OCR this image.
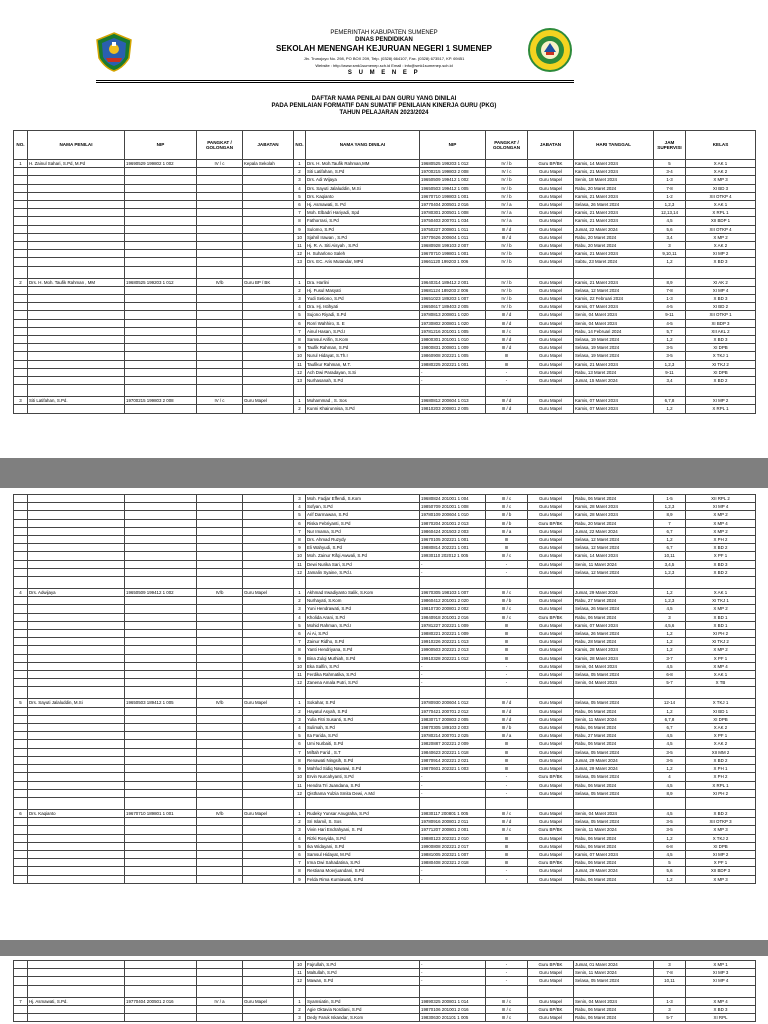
PEMERINTAH KABUPATEN SUMENEP
DINAS PENDIDIKAN
SEKOLAH MENENGAH KEJURUAN NEGERI 1 SUMENEP
Jln. Trunojoyo No. 298, PO BOX 209, Telp. (0328) 664107, Fax. (0328) 673517, KP. 69451
Website : http://www.smk1sumenep.sch.id Email : info@smk1sumenep.sch.id
S U M E N E P
DAFTAR NAMA PENILAI DAN GURU YANG DINILAI
PADA PENILAIAN FORMATIF DAN SUMATIF PENILAIAN KINERJA GURU (PKG)
TAHUN PELAJARAN 2023/2024
NO.	NAMA PENILAI	NIP	PANGKAT / GOLONGAN	JABATAN	NO.	NAMA YANG DINILAI	NIP	PANGKAT / GOLONGAN	JABATAN	HARI TANGGAL	JAM SUPERVISI	KELAS
1	H. Zainul Sahari, S.Pd, M.Pd	19690529 199802 1 002	IV / c	Kepala Sekolah	1	Drs. H. Moh.Taufik Rahman,MM	19680525 199203 1 012	IV / b	Guru BP/BK	Kamis, 14 Maret 2024	5	X AK 1
					2	Siti Latifahan, S.Pd	19700215 199803 2 008	IV / c	Guru Mapel	Kamis, 21 Maret 2024	3-4	X AK 2
					3	Drs. Adi Wijaya	19650509 199412 1 002	IV / b	Guru Mapel	Senin, 18 Maret 2024	1-3	X MP 3
					4	Drs. Sayuti Jalaluddin, M.Si	19650503 199412 1 005	IV / b	Guru Mapel	Rabu, 20 Maret 2024	7-8	XI BD 3
					5	Drs. Kaqianto	19670710 199803 1 001	IV / b	Guru Mapel	Kamis, 21 Maret 2024	1-2	XII OTKP 4
					6	Hj. Asmawati, S. Pd	19770404 200501 2 016	IV / a	Guru Mapel	Selasa, 26 Maret 2024	1,2,3	X AK 1
					7	Moh. Elbadri Hariyadi, Spd	19780301 200501 1 008	IV / a	Guru Mapel	Kamis, 21 Maret 2024	12,13,14	X RPL 1
					8	Fathorrasi, S.Pd	19750403 200701 1 034	IV / a	Guru Mapel	Kamis, 21 Maret 2024	4,5	XII BDP 1
					9	Sulomo, S.Pd	19750227 200801 1 011	III / d	Guru Mapel	Jumat, 22 Maret 2024	5,6	XII OTKP 4
					10	Sjahril Irawan , S.Pd	19770626 200604 1 011	III / d	Guru Mapel	Rabu, 20 Maret 2024	3,4	X MP 2
					11	Hj. R. A. Siti Aisyah , S.Pd	19680928 199103 2 007	IV / b	Guru Mapel	Rabu, 20 Maret 2024	3	X AK 2
					12	H. Suharlono Saleh	19670710 199801 1 001	IV / b	Guru Mapel	Kamis, 21 Maret 2024	9,10,11	XI MP 2
					13	Drs. EC. Aris Mutandar, MPd	19661120 199203 1 006	IV / b	Guru Mapel	Sabtu, 23 Maret 2024	1,2	X BD 3

2	Drs. H. Moh. Taufik Rahman , MM	19680525 199203 1 012	IV/b	Guru BP / BK	1	Dra. Harlini	19640314 189412 2 001	IV / b	Guru Mapel	Kamis, 21 Maret 2024	8,9	XI AK 2
					2	Hj. Fusul Masyati	19681124 189203 2 006	IV / b	Guru Mapel	Selasa, 12 Maret 2024	7-8	XI MP 4
					3	Yudi Setiono, S.Pd	19651023 189203 1 007	IV / b	Guru Mapel	Kamis, 22 Februari 2024	1-3	X BD 3
					4	Dra. Hj. Istihyati	19650617 189403 2 005	IV / b	Guru Mapel	Kamis, 07 Maret 2024	4-5	XI BD 2
					5	Sujono Riyadi, S.Pd	19780813 200801 1 020	III / d	Guru Mapel	Senin, 04 Maret 2024	9-11	XII OTKP 1
					6	Rorri Wahhiro, S. E	19730802 200801 1 020	III / d	Guru Mapel	Senin, 04 Maret 2024	4-5	XI BDP 3
					7	Ainul Hasan, S.Pd.I	19781216 201001 1 005	III / c	Guru Mapel	Rabu, 14 Februari 2024	5,7	XII AKL 2
					8	Samsul Arifin, S.Kom	19800301 201001 1 010	III / d	Guru Mapel	Selasa, 19 Maret 2024	1,2	X BD 3
					9	Taufik Rahman, S.Pd	19800831 200801 1 009	III / d	Guru Mapel	Selasa, 19 Maret 2024	3-5	XI DPB
					10	Nurul Hidayat, S.Th.I	19860908 202221 1 005	III	Guru Mapel	Selasa, 19 Maret 2024	3-5	X TKJ 1
					11	Taufikur Rahman, M.T.	19880225 202221 1 001	III	Guru Mapel	Kamis, 21 Maret 2024	1,2,3	XI TKJ 2
					12	Ach Dwi Paradayan, S.Si	-	-	Guru Mapel	Rabu, 13 Maret 2024	9-11	XI DPB
					13	Nurhasanah, S.Pd	-	-	Guru Mapel	Jumat, 15 Maret 2024	3,4	X BD 2

3	Siti Latifahan, S.Pd.	19700215 199803 2 008	IV / c	Guru Mapel	1	Muhammad , S. Sos	19680812 200604 1 013	III / d	Guru Mapel	Kamis, 07 Maret 2024	6,7,8	XI MP 2
					2	Kunni Khairunnisa, S.Pd	19810203 200801 2 005	III / d	Guru Mapel	Kamis, 07 Maret 2024	1,2	X RPL 1
					3	Moh. Fadjar Effendi, S.Kom	19680824 201001 1 004	III / c	Guru Mapel	Rabu, 06 Maret 2024	1-5	XII RPL 2
					4	Sofyan, S.Pd	19850709 201001 1 008	III / c	Guru Mapel	Kamis, 28 Maret 2024	1,2,3	XI MP 4
					5	Arif Darmawan, S.Pd	19780109 200604 1 010	III / b	Guru Mapel	Kamis, 28 Maret 2024	8,9	X MP 2
					6	Riska Febriyanti, S.Pd	19870204 201001 2 013	III / b	Guru BP/BK	Rabu, 20 Maret 2024	7	X MP 4
					7	Nur Imama, S.Pd	19860424 201503 2 003	III / a	Guru Mapel	Jumat, 22 Maret 2024	6,7	X MP 2
					8	Drs. Ahmad Ruzydy	19670105 202221 1 001	III	Guru Mapel	Selasa, 12 Maret 2024	1,2	X PH 2
					9	Eli Wahyudi, S.Pd	19880814 202221 1 001	III	Guru Mapel	Selasa, 12 Maret 2024	6,7	X BD 2
					10	Moh. Zainur Rifqi Awwali, S.Pd	19930110 202012 1 005	III / c	Guru Mapel	Kamis, 14 Maret 2024	10,11	X PF 1
					11	Dewi Nurika Sari, S.Pd	-	-	Guru Mapel	Senin, 11 Maret 2024	3,4,5	X BD 3
					12	Jamalin Syaine, S.Pd.I.	-	-	Guru Mapel	Selasa, 12 Maret 2024	1,2,3	X BD 2

4	Drs. Adwijaya	19650509 199412 1 002	IV/b	Guru Mapel	1	Akhmad Irwadiyanto Salik, S.Kom	19670305 198103 1 007	III / c	Guru Mapel	Jumat, 29 Maret 2024	1,2	X AK 1
					2	Nurhayati, S.Kom	19860412 201001 2 020	III / b	Guru Mapel	Rabu, 27 Maret 2024	1,2,3	XI TKJ 1
					3	Yuni Hendrawati, S.Pd	19810730 200801 2 002	III / c	Guru Mapel	Selasa, 26 Maret 2024	4,5	X MP 2
					4	Kholida Arani, S.Pd	19840918 201001 2 016	III / c	Guru BP/BK	Rabu, 06 Maret 2024	3	X BD 1
					5	Mohid Rahman, S.Pd.I	19781227 202221 1 009	III	Guru Mapel	Kamis, 07 Maret 2024	4,5,6	X BD 1
					6	Ai Ai, S.Pd	19880221 202221 1 009	III	Guru Mapel	Selasa, 26 Maret 2024	1,2	XI PH 2
					7	Zainur Ridho, S.Pd	19910226 202221 1 013	III	Guru Mapel	Rabu, 28 Maret 2024	1,2	XI TKJ 2
					8	Yanti Hendriyana, S.Pd	19900503 202221 2 013	III	Guru Mapel	Kamis, 28 Maret 2024	1,2	X MP 2
					9	Bina Zulqi Muthiah, S.Pd	19910328 202221 1 012	III	Guru Mapel	Kamis, 28 Maret 2024	3-7	X PF 1
					10	Eka Salfin, S.Pd	-	-	Guru Mapel	Senin, 04 Maret 2024	4,5	X MP 4
					11	Ferdika Rahmatika, S.Pd	-	-	Guru Mapel	Selasa, 05 Maret 2024	6-8	X AK 1
					12	Zanena Amala Putri, S.Pd	-	-	Guru Mapel	Senin, 04 Maret 2024	5-7	X TB

5	Drs. Sayuti Jalaluddin, M.Si	19650503 189412 1 005	IV/b	Guru Mapel	1	Sokahar, S.Pd	19780930 200604 1 012	III / d	Guru Mapel	Selasa, 05 Maret 2024	12-14	X TKJ 1
					2	Hayatul Asyah, S.Pd	19770421 200701 2 012	III / d	Guru Mapel	Rabu, 06 Maret 2024	1,2	XI BD 1
					3	Yulia Fitri Susanti, S.Pd	19830717 200803 2 005	III / d	Guru Mapel	Senin, 11 Maret 2024	6,7,8	XI DPB
					4	Sulimah, S.Pd	19870305 189103 2 003	III / b	Guru Mapel	Rabu, 06 Maret 2024	6,7	X AK 2
					5	Ita Farida, S.Pd	19780214 200701 2 025	III / a	Guru Mapel	Rabu, 27 Maret 2024	4,5	X PF 1
					6	Umi Nurbaiti, S.Pd	19820887 202221 2 009	III	Guru Mapel	Rabu, 06 Maret 2024	4,5	X AK 2
					7	Miftah Farid , S.T	19840623 202221 1 018	III	Guru Mapel	Selasa, 05 Maret 2024	3-5	XII MM 2
					8	Renawati Ningsih, S.Pd	19870914 202221 2 021	III	Guru Mapel	Jumat, 29 Maret 2024	3-5	X BD 2
					9	Mahfud Sidiq Nawawi, S.Pd	19870601 202321 1 003	III	Guru Mapel	Jumat, 29 Maret 2024	1,2	X PH 1
					10	Ervin Nurcahyanti, S.Pd	-	-	Guru BP/BK	Selasa, 05 Maret 2024	4	X PH 2
					11	Hendra Tri Juandana, S.Pd	-	-	Guru Mapel	Rabu, 06 Maret 2024	4,5	X RPL 1
					12	Qisthama Yulzia Smita Dewi, A.Md	-	-	Guru Mapel	Selasa, 05 Maret 2024	8,9	XI PH 2

6	Drs. Kaqianto	19670710 189801 1 001	IV/b	Guru Mapel	1	Rudeky Yunsar Anugraha, S.Pd	19830117 200801 1 005	III / c	Guru Mapel	Senin, 04 Maret 2024	4,5	X BD 2
					2	Sri Islamil, S. Sos	19780916 200801 2 011	III / d	Guru Mapel	Selasa, 05 Maret 2024	3-5	XII OTKP 3
					3	Vivin Hari Endrahyani, S. Pd	19771207 200801 2 001	III / c	Guru BP/BK	Senin, 11 Maret 2024	3-5	X MP 3
					4	Rizki Rosyida, S.Pd	19880123 202321 2 010	III	Guru Mapel	Rabu, 06 Maret 2024	1,2	X TKJ 2
					5	Ika Widayani, S.Pd	19900808 202221 2 017	III	Guru Mapel	Rabu, 06 Maret 2024	6-8	XI DPB
					6	Samsul Hidayat, M.Pd	19881005 202321 1 007	III	Guru Mapel	Kamis, 07 Maret 2024	4,5	XI MP 2
					7	Irma Dwi Sahadatina, S.Pd	19880408 202321 2 018	III	Guru BP/BK	Rabu, 06 Maret 2024	5	X PF 1
					8	Restiana Moerjuandani, S.Pd	-	-	Guru Mapel	Jumat, 29 Maret 2024	5,6	XII BDP 3
					9	Felda Rima Kurniawati, S.Pd	-	-	Guru Mapel	Rabu, 06 Maret 2024	1,2	X MP 3
					10	Fajrullah, S.Pd	-	-	Guru BP/BK	Jumat, 01 Maret 2024	3	X MP 1
					11	Maltullah, S.Pd	-	-	Guru Mapel	Senin, 11 Maret 2024	7-8	XI MP 3
					12	Mawan, S.Pd	-	-	Guru Mapel	Selasa, 05 Maret 2024	10,11	XI MP 4

7	Hj. Asmawati, S.Pd.	19770404 200501 2 016	IV / a	Guru Mapel	1	Syamsiatin, S.Pd	19890325 200801 1 014	III / c	Guru Mapel	Senin, 04 Maret 2024	1-3	X MP 4
					2	Agie Oktavia Nordiani, S.Pd	19870106 201001 2 016	III / c	Guru BP/BK	Rabu, 06 Maret 2024	3	X BD 3
					3	Dedy Faruk Iskandar, S.Kom	19830630 201101 1 005	III / c	Guru Mapel	Rabu, 06 Maret 2024	5-7	XI RPL
